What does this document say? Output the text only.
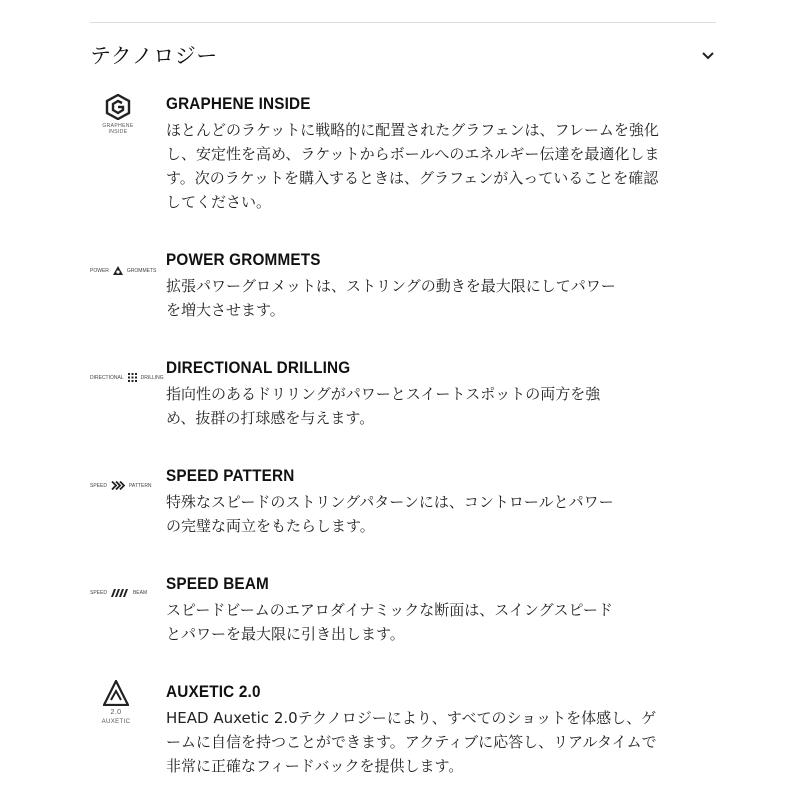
テクノロジー
GRAPHENE
INSIDE
GRAPHENE INSIDE
ほとんどのラケットに戦略的に配置されたグラフェンは、フレームを強化し、安定性を高め、ラケットからボールへのエネルギー伝達を最適化します。次のラケットを購入するときは、グラフェンが入っていることを確認してください。
POWER	GROMMETS
POWER GROMMETS
拡張パワーグロメットは、ストリングの動きを最大限にしてパワーを増大させます。
DIRECTIONAL	DRILLING
DIRECTIONAL DRILLING
指向性のあるドリリングがパワーとスイートスポットの両方を強め、抜群の打球感を与えます。
SPEED	PATTERN
SPEED PATTERN
特殊なスピードのストリングパターンには、コントロールとパワーの完璧な両立をもたらします。
SPEED	BEAM SPEED BEAM
スピードビームのエアロダイナミックな断面は、スイングスピードとパワーを最大限に引き出します。
2.0
AUXETIC
AUXETIC 2.0
HEAD Auxetic 2.0テクノロジーにより、すべてのショットを体感し、ゲームに自信を持つことができます。アクティブに応答し、リアルタイムで非常に正確なフィードバックを提供します。
